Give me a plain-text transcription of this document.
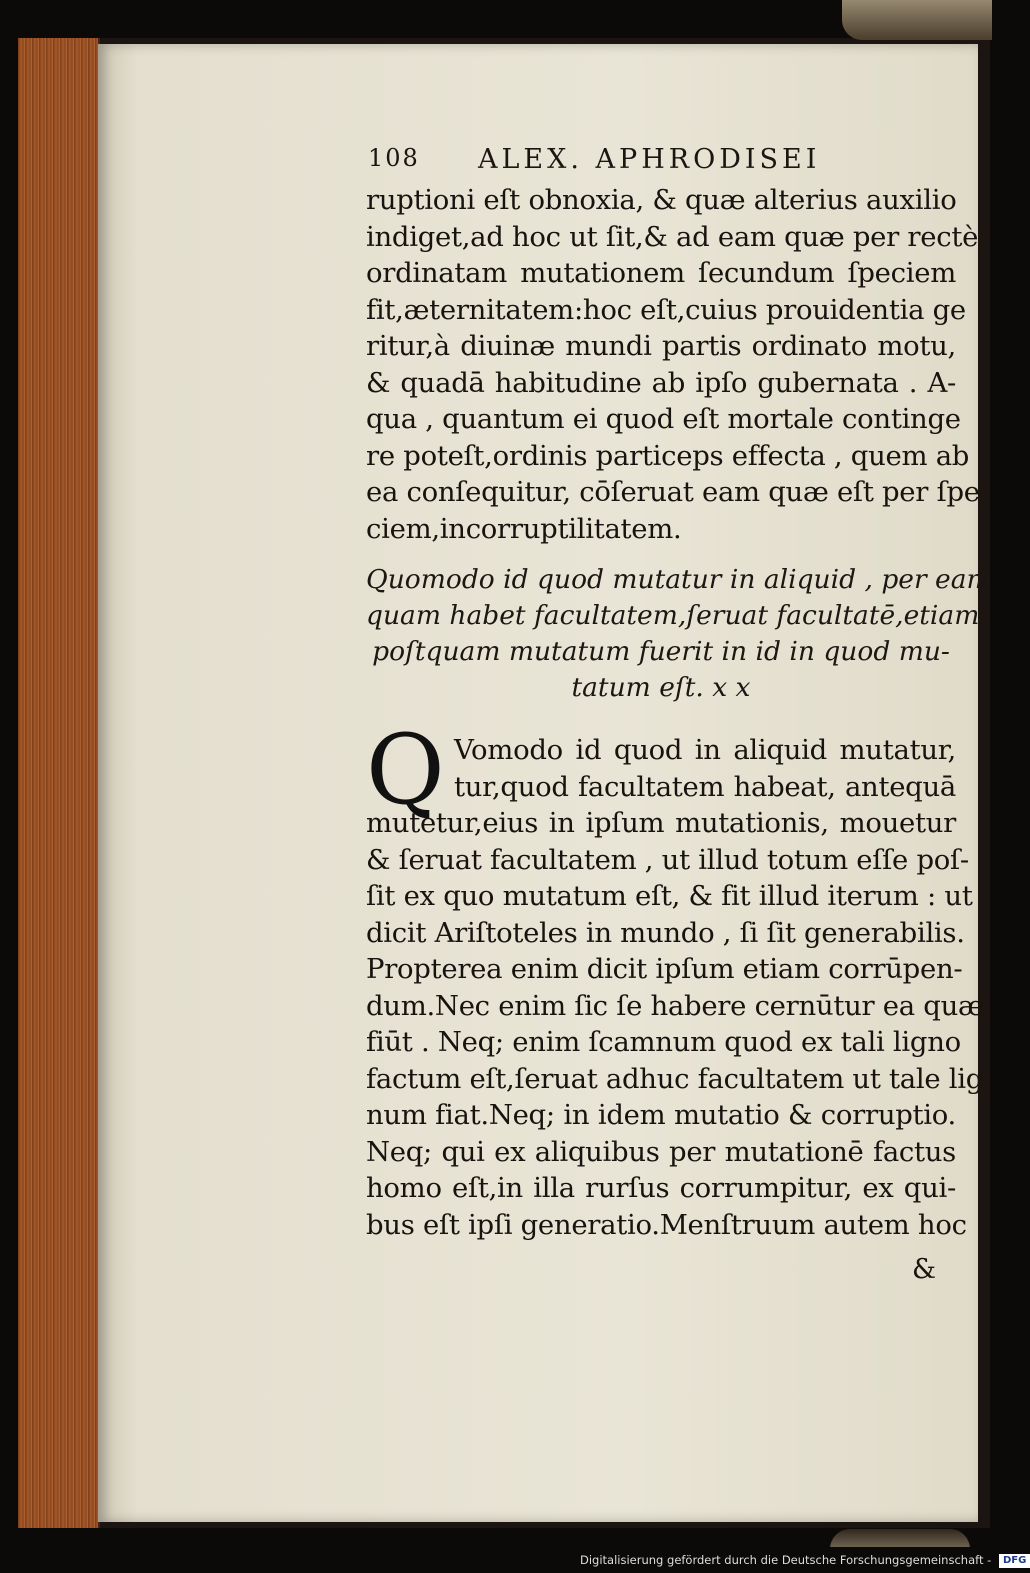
108 ALEX. APHRODISEI
ruptioni eſt obnoxia, & quæ alterius auxilio
indiget,ad hoc ut ſit,& ad eam quæ per rectè
ordinatam mutationem ſecundum ſpeciem
fit,æternitatem:hoc eſt,cuius prouidentia ge
ritur,à diuinæ mundi partis ordinato motu,
& quadā habitudine ab ipſo gubernata . A-
qua , quantum ei quod eſt mortale continge
re poteſt,ordinis particeps effecta , quem ab
ea conſequitur, cōſeruat eam quæ eſt per ſpe
ciem,incorruptilitatem.
Quomodo id quod mutatur in aliquid , per eam
quam habet facultatem,ſeruat facultatē,etiam
poſtquam mutatum fuerit in id in quod mu-
tatum eſt. x x
Q Vomodo id quod in aliquid mutatur,
tur,quod facultatem habeat, antequā
mutetur,eius in ipſum mutationis, mouetur
& ſeruat facultatem , ut illud totum eſſe poſ-
ſit ex quo mutatum eſt, & fit illud iterum : ut
dicit Ariſtoteles in mundo , ſi ſit generabilis.
Propterea enim dicit ipſum etiam corrūpen-
dum.Nec enim ſic ſe habere cernūtur ea quæ
fiūt . Neq; enim ſcamnum quod ex tali ligno
factum eſt,ſeruat adhuc facultatem ut tale lig
num fiat.Neq; in idem mutatio & corruptio.
Neq; qui ex aliquibus per mutationē factus
homo eſt,in illa rurſus corrumpitur, ex qui-
bus eſt ipſi generatio.Menſtruum autem hoc
&
Digitalisierung gefördert durch die Deutsche Forschungsgemeinschaft - DFG
